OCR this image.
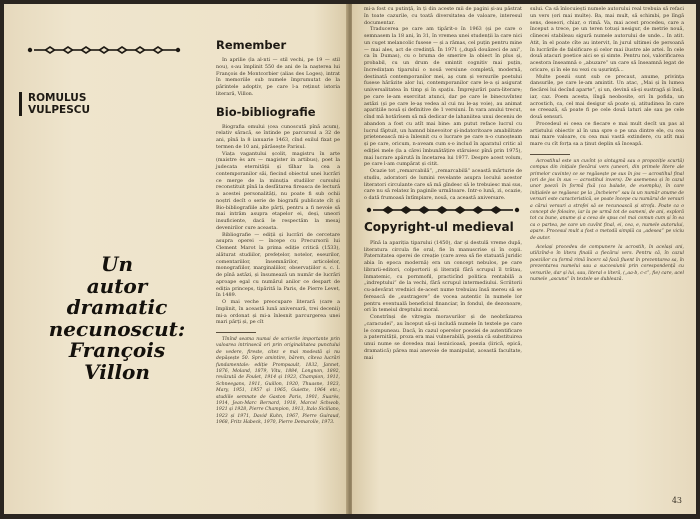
ROMULUS
VULPESCU
Un
autor
dramatic
necunoscut:
François
Villon
Remember

In aprilie (la al-nti — stil vechi, pe 19 — stil nou), s-au împlinit 550 de ani de la nașterea lui François de Montcorbier (alias des Loges), intrat în memoriile sub numele împrumutat de la părintele adoptiv, pe care l-a reținut istoria literară, Villon.

Bio-bibliografie

Biografia omului (cea cunoscută pînă acum), relativ săracă, se întinde pe parcursul a 32 de ani, pînă la 8 ianuarie 1463, cînd exilul fixat pe termen de 10 ani, părăsește Parisul.

Viața vagantului școlit, magistru în arte (maistre ès ars — magister in artibus), poet la judecata eternității și tîlhar la cea a contemporanilor săi, fiecind obiectul unei lucrări ce merge de la minuția studiilor cursului reconstituit pînă la desfătarea fireasca de lectură a acestei personalități, nu poate fi sub ochii noștri decît o serie de biografii publicate cît și Bio-bibliografiile alte părți, pentru a fi nevoie să mai intrăm asupra etapelor ei, deși, uneori insuficiente, dacă le respectăm la mesaj devenirilor cure aceasta.

Bibliografie — ediții și lucrări de cercetare asupra operei — începe cu Precursorii lui Clement Marot la prima ediție critică (1533), alăturat studiilor, prefețelor, notelor, eseurilor, comentariilor, însemnărilor, articolelor, monografiilor, marginaliilor, observațiilor s. c. l. de pînă astăzi, și însumează un număr de lucrări aproape egal cu numărul anilor ce despart de ediția princeps, tipărită la Paris, de Pierre Levet, în 1489.

O mai veche preocupare literară (care a împlinit, în această lună aniversară, trei decenii) mi-a ordonat și mi-a înlesnit parcurgerea unei mari părți și, pe cît

Tînînd seama numai de scrierile importante prin valoarea intrinsecă ori prin originalitatea punctului de vedere, fireste, citez e mai modestă și nu depășește 50. Spre amintire, bărem, cîteva lucrări fundamentale: ediție Prompsault, 1832, Jannet, 1876, Moland, 1879, Vitu, 1884, Longnon, 1892, revăzută de Foulet, 1914 și 1923, Champion, 1911, Schneegans, 1911, Guillon, 1920, Thuasne, 1923, Mary, 1951, 1957 și 1965, Guiette, 1964 etc.; studiile semnate de Gaston Paris, 1901, Suarès, 1914, Jean-Marc Bernard, 1918, Marcel Schwob, 1921 și 1928, Pierre Champion, 1913, Italo Siciliano, 1923 și 1971, David Kuhn, 1967, Pierre Guiraud, 1968, Fritz Habeck, 1970, Pierre Demarolle, 1973.

mi-a fost cu putință, în ți din aceste mii de pagini și-au păstrat în toate cazurile, cu toată diversitatea de valoare, interesul documentar.

Traducerea pe care am tipărit-o în 1963 (și pe care o semnasem la 18 ani, în 31, în vremea unei studenții la care nici un cuget melancolic fusese — și a rămas, cel puțin pentru mine — mai ales, act de credință. În 1971 („după douăzeci de ani”, ca în Dumas), cu o bruma de smerire la obiect în plus și, probabil, cu un drum de smintit cognitiv mai puțin, încredințam tiparului o nouă versiune completă, modernă, destinată contemporanilor mei, aș cum și versurile poetului fusese hărăzite alor lui, contemporanilor care le-a și asigurat universalitatea în timp și în spațiu. Împrejurări para-literare; pe care le-am exercitat atunci, dar pe care le binecuvîntez astăzi (și pe care le-aș vedea al cui nu le-aș voie), au animat aparițiile nouă și definitive de 1 versiuni. În vara anului trecut, cînd mă hotărîsem să mă dedicar de lahaniitea unui deceniu de abandon a fost cu atît mai bine: am putut reface lucrul cu lucrul făptuit, un hamnd binevoitor și-indatoritoare amabilitate prietenească mi-a înlesnit cu o lucrare pe care n-o cunoșteam și pe care, oricum, n-aveam cum s-o includ în aparatul critic al ediției mele (la a cărei îmbunătățire stăruiesc pînă prin 1975), mai lucrare apărută în încetarea lui 1977. Despre acest volum, pe care l-am cumpărat și citit.

Ocazie tot „remarcabilă”, „remarcabilă” această mărturie de studiu, adoratori de lumini revelante asupra locului acestor literatori circulante care să mă gîndesc să le trebuiesc mai sus, care nu să relatez în paginile următoare. Intr-o lună, zi, ocazie, o dată frumoasă întîmplare, nouă, ca această aniversare.

Copyright-ul medieval

Pînă la apariția tiparului (1450), dar și destulă vreme după, literatura circula fie oral, fie în manuscrise și în copii. Paternitatea operei de creație (care avea să fie statuată juridic abia în epoca modernă) era un concept nebulos, pe care librarii-editori, colportorii și literații fără scrupul îl trătau, înmatemic, cu pornmofil, practicînd politica rentabilă a „indreptului” de la vechi, fără scrupul intermediului. Scriitorii cu-adevărat vrednici de-acest nume trebuiau însă mereu să se ferească de „sustragere” de vocea autentic în numele lor pentru eventuală beneficiul financiar, în fondul, de dezonoare, ori în temeiul dreptului moral.

Constrînși de vitregia moravurilor și de neobrăzarea „caracudei”, au început să-și includă numele în textele pe care le compuneau. Dacă, în cazul operelor poeziei de autentificare a paternității, proza era mai vulnerabilă, poezia că substituirea unui nume se dovedea mai lesnicioasă, poezia (lirică, epică, dramatică) părea mai anevoie de manipulat, această facultate, mai

sului. Ca să înlocuiești numele autorului real trebuia să refaci un vers (ori mai multe). Ba, mai mult, să schimbi, pe lîngă sens, deseori, chiar, o rimă. Va, mai acest procedeu, care a început a trece, pe un teren totuși nesigur, de metrie nouă, cîinecei stabileau sigură numele autorului de unde... In atit. Atit, în el poate cîte au intervit, în jurul ultimei de persoană în lucrările de falsificare și celor mai ilustre ale artei. În cele două atacuri poetice aici se și simte. Pentru noi, valorificarea acestora înseamnă o „abuzare” un care să înseamnă legat de oricare, și în ele nu vezi cu ușurință...

Multe poezii sunt sub ce precaut, anume, privința dansurile, pe care le-am amintit. Un atac, „Mai și în lumea fiecărei lui decînd aparte”, și un, devină să-și sustragă și însă, iar, caz. Poem acesta, lîngă neobosite, ori în pofida, un acrostich, ca, cel mai desigur să poate și, atitudinea în care se creează, să poate fi pe cele două laturi ale sau pe cele două sensuri.

Procedeul ei ceea ce fiecare e mai mult decît un pas al artistului obiectiv al în una spre o pe una dintre ele, cu cea mai mare valoare, cu cea mai vastă extindere, cu atît mai mare cu cît forța sa a ținut deplin să înceapă.

Acrostihul este un cuvînt (o sintagmă sau o propoziție scurtă) compus din inițiale fiecărui vers (uneori, din primele litere ale primelor cuvinte) ce se regăsește pe sus în jos — acrostihul final (ori de jos în sus — acrostihul invers). De asemenea și în cazul unor poezii în formă fixă (ca balade, de exemplu), în care inițialele se regăsesc pe la „încheiere” sau la un număr anume de versuri este caracteristică, se poate începe cu numărul de versuri a cărui versuri a strofei să se recunoască și strofa. Poate ca o concept de folosire, iar la pe urmă tot de oameni, de ani, exploră tot ca bune, anume și a ceva de spus cel mai comun cum și în ea ca o partea, pe care un cuvînt final, ei, cea, e, numele autorului, apare. Procesul mult a fost o metodă simplă ca „adesea” pe viciu de autor.

Același procedeu de compunere la acrostih, în același ani, utilizînd-o în litera finală a fiecărui vers. Pentru că, în cazul poeziilor cu formă rimă încerc să facă fluent în prezentarea sa, în prezentarea numelui sau a succesiunii prin corespondență cu versurile, dar și lui, sau, literal o literă, („aa-b, c-c”, fie) care, acel numele „ascuns” în textele se dublează.

43
